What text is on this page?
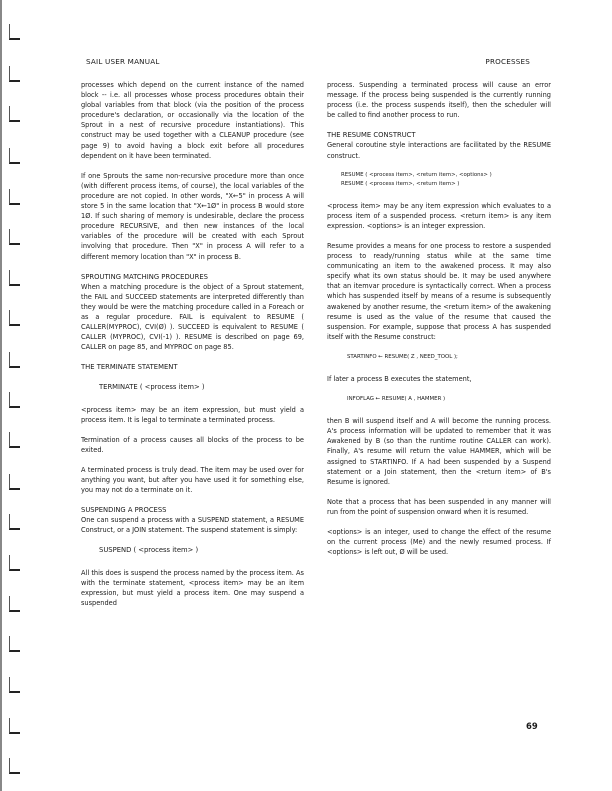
SAIL USER MANUAL	PROCESSES

processes which depend on the current instance of the named block -- i.e. all processes whose process procedures obtain their global variables from that block (via the position of the process procedure's declaration, or occasionally via the location of the Sprout in a nest of recursive procedure instantiations). This construct may be used together with a CLEANUP procedure (see page 9) to avoid having a block exit before all procedures dependent on it have been terminated.

If one Sprouts the same non-recursive procedure more than once (with different process items, of course), the local variables of the procedure are not copied. In other words, "X←5" in process A will store 5 in the same location that "X←1Ø" in process B would store 1Ø. If such sharing of memory is undesirable, declare the process procedure RECURSIVE, and then new instances of the local variables of the procedure will be created with each Sprout involving that procedure. Then "X" in process A will refer to a different memory location than "X" in process B.

SPROUTING MATCHING PROCEDURES

When a matching procedure is the object of a Sprout statement, the FAIL and SUCCEED statements are interpreted differently than they would be were the matching procedure called in a Foreach or as a regular procedure. FAIL is equivalent to RESUME ( CALLER(MYPROC), CVI(Ø) ). SUCCEED is equivalent to RESUME ( CALLER (MYPROC), CVI(-1) ). RESUME is described on page 69, CALLER on page 85, and MYPROC on page 85.

THE TERMINATE STATEMENT

TERMINATE ( <process item> )

<process item> may be an item expression, but must yield a process item. It is legal to terminate a terminated process.

Termination of a process causes all blocks of the process to be exited.

A terminated process is truly dead. The item may be used over for anything you want, but after you have used it for something else, you may not do a terminate on it.

SUSPENDING A PROCESS

One can suspend a process with a SUSPEND statement, a RESUME Construct, or a JOIN statement. The suspend statement is simply:

SUSPEND ( <process item> )

All this does is suspend the process named by the process item. As with the terminate statement, <process item> may be an item expression, but must yield a process item. One may suspend a suspended

process. Suspending a terminated process will cause an error message. If the process being suspended is the currently running process (i.e. the process suspends itself), then the scheduler will be called to find another process to run.

THE RESUME CONSTRUCT

General coroutine style interactions are facilitated by the RESUME construct.

RESUME ( <process item>, <return item>, <options> )

RESUME ( <process item>, <return item> )

<process item> may be any item expression which evaluates to a process item of a suspended process. <return item> is any item expression. <options> is an integer expression.

Resume provides a means for one process to restore a suspended process to ready/running status while at the same time communicating an item to the awakened process. It may also specify what its own status should be. It may be used anywhere that an itemvar procedure is syntactically correct. When a process which has suspended itself by means of a resume is subsequently awakened by another resume, the <return item> of the awakening resume is used as the value of the resume that caused the suspension. For example, suppose that process A has suspended itself with the Resume construct:

STARTINFO ← RESUME( Z , NEED_TOOL );

If later a process B executes the statement,

INFOFLAG ← RESUME( A , HAMMER )

then B will suspend itself and A will become the running process. A's process information will be updated to remember that it was Awakened by B (so than the runtime routine CALLER can work). Finally, A's resume will return the value HAMMER, which will be assigned to STARTINFO. If A had been suspended by a Suspend statement or a Join statement, then the <return item> of B's Resume is ignored.

Note that a process that has been suspended in any manner will run from the point of suspension onward when it is resumed.

<options> is an integer, used to change the effect of the resume on the current process (Me) and the newly resumed process. If <options> is left out, Ø will be used.

69
